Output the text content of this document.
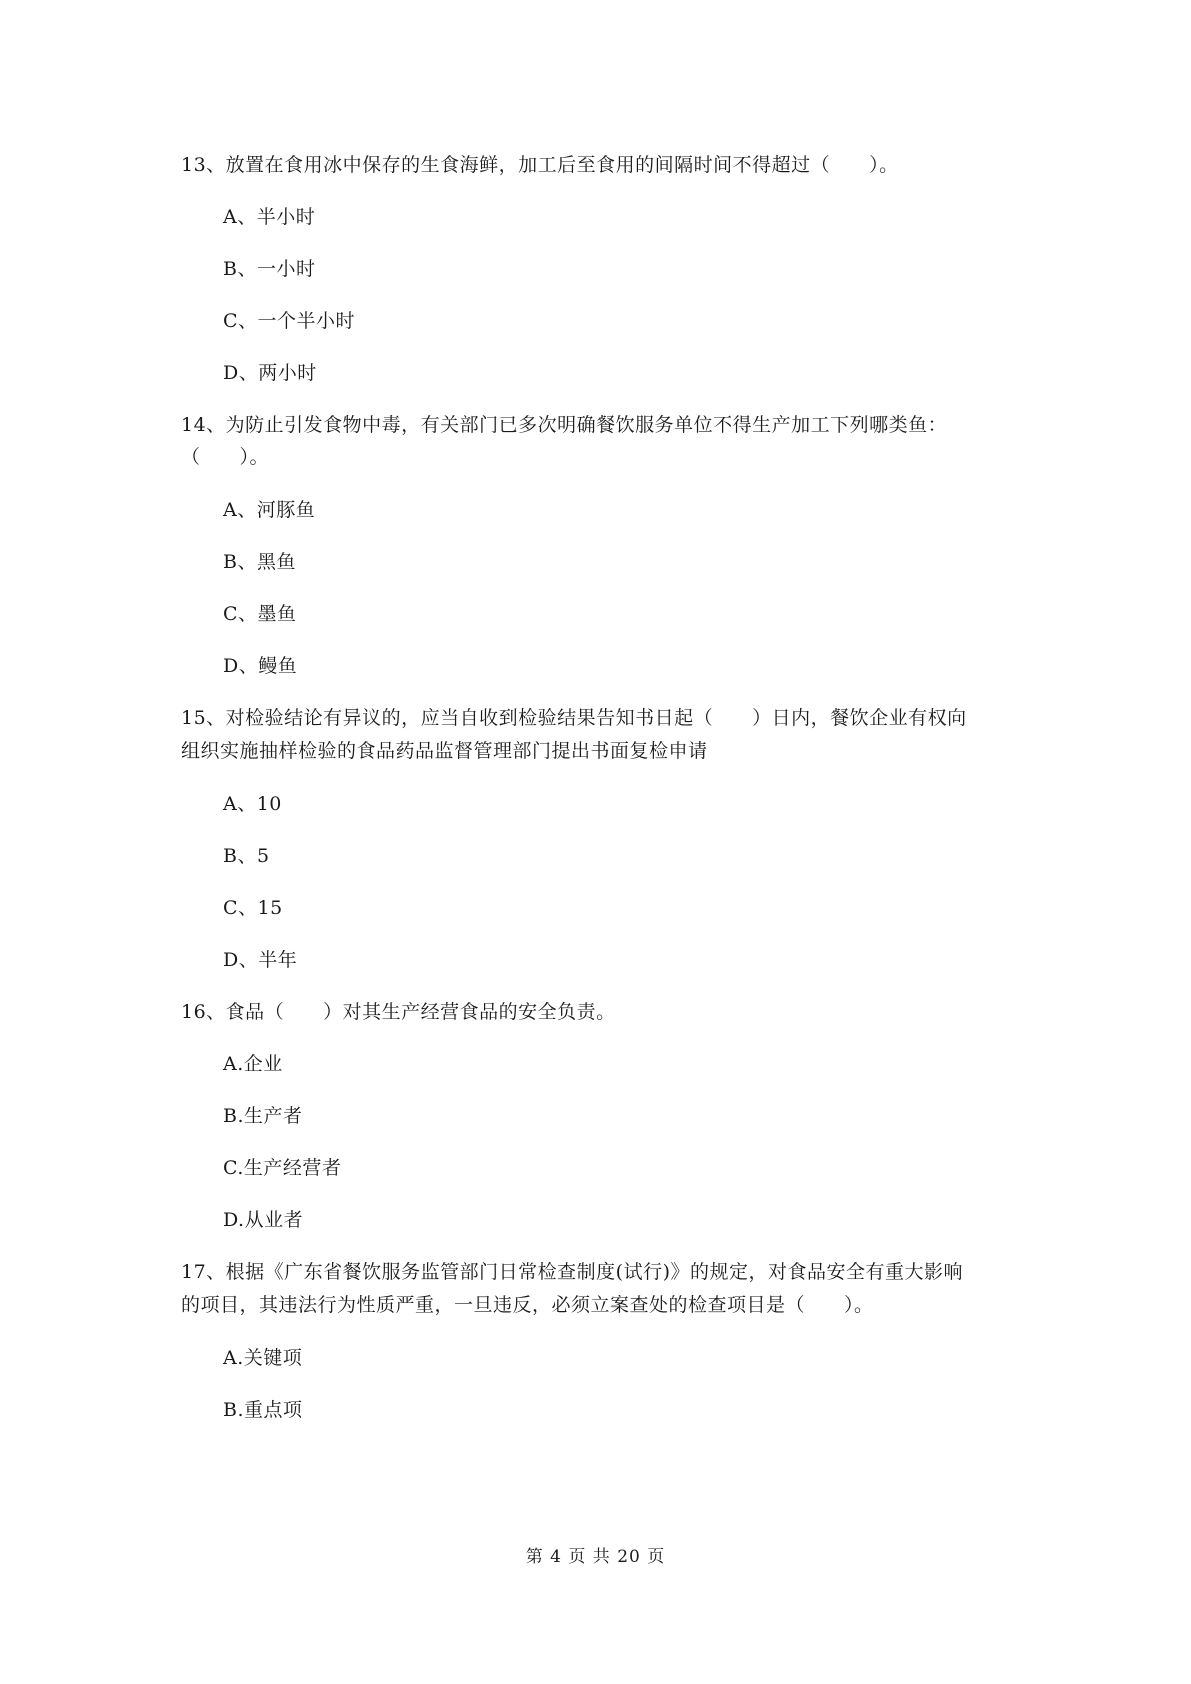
13、放置在食用冰中保存的生食海鲜，加工后至食用的间隔时间不得超过（　　）。
A、半小时
B、一小时
C、一个半小时
D、两小时
14、为防止引发食物中毒，有关部门已多次明确餐饮服务单位不得生产加工下列哪类鱼：
（　　）。
A、河豚鱼
B、黑鱼
C、墨鱼
D、鳗鱼
15、对检验结论有异议的，应当自收到检验结果告知书日起（　　）日内，餐饮企业有权向
组织实施抽样检验的食品药品监督管理部门提出书面复检申请
A、10
B、5
C、15
D、半年
16、食品（　　）对其生产经营食品的安全负责。
A.企业
B.生产者
C.生产经营者
D.从业者
17、根据《广东省餐饮服务监管部门日常检查制度(试行)》的规定，对食品安全有重大影响
的项目，其违法行为性质严重，一旦违反，必须立案查处的检查项目是（　　）。
A.关键项
B.重点项
第 4 页 共 20 页
